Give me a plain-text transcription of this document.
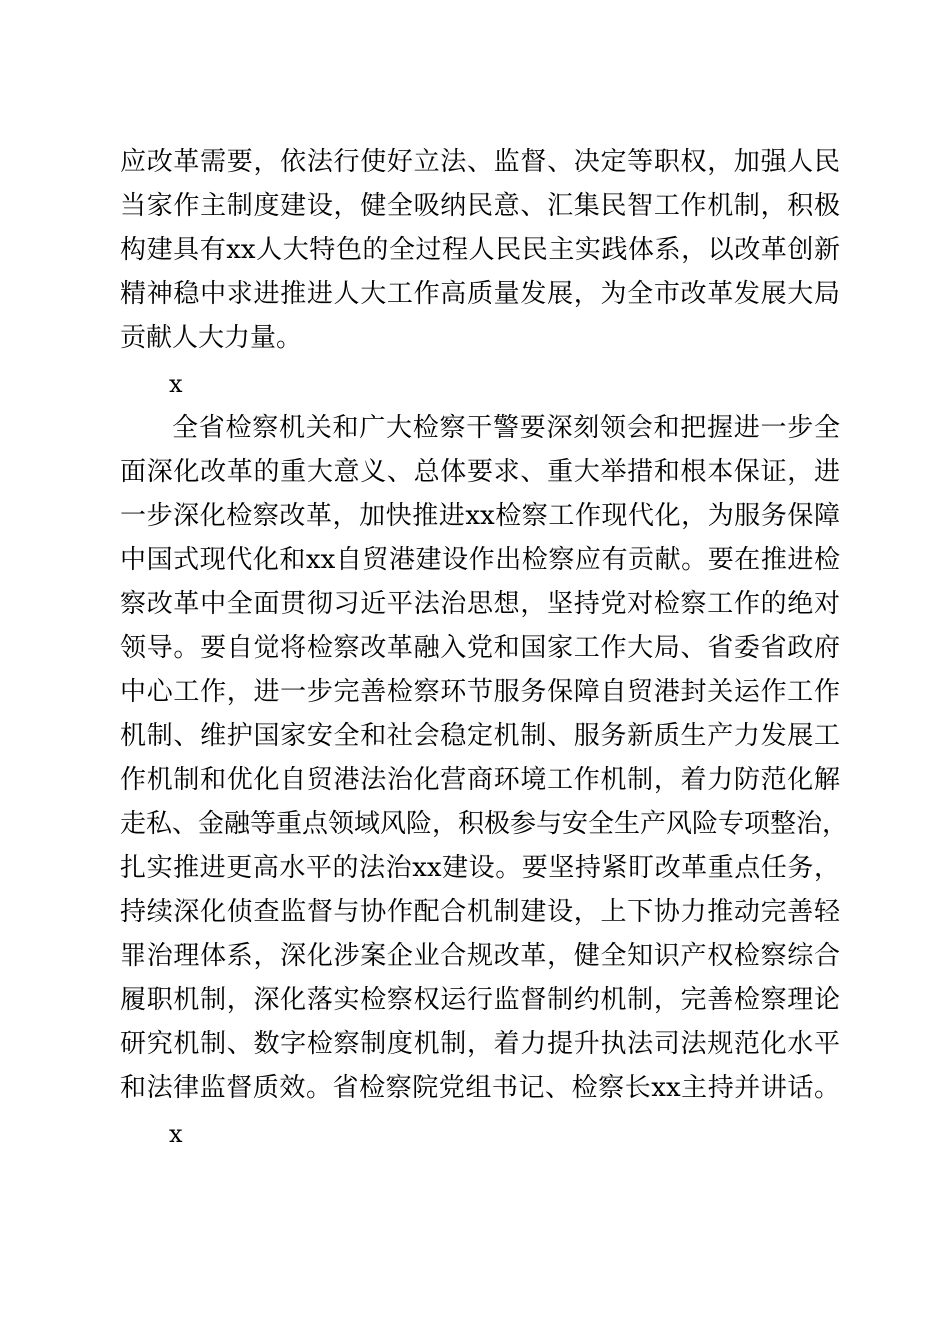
应改革需要，依法行使好立法、监督、决定等职权，加强人民
当家作主制度建设，健全吸纳民意、汇集民智工作机制，积极
构建具有xx人大特色的全过程人民民主实践体系，以改革创新
精神稳中求进推进人大工作高质量发展，为全市改革发展大局
贡献人大力量。
x
全省检察机关和广大检察干警要深刻领会和把握进一步全
面深化改革的重大意义、总体要求、重大举措和根本保证，进
一步深化检察改革，加快推进xx检察工作现代化，为服务保障
中国式现代化和xx自贸港建设作出检察应有贡献。要在推进检
察改革中全面贯彻习近平法治思想，坚持党对检察工作的绝对
领导。要自觉将检察改革融入党和国家工作大局、省委省政府
中心工作，进一步完善检察环节服务保障自贸港封关运作工作
机制、维护国家安全和社会稳定机制、服务新质生产力发展工
作机制和优化自贸港法治化营商环境工作机制，着力防范化解
走私、金融等重点领域风险，积极参与安全生产风险专项整治，
扎实推进更高水平的法治xx建设。要坚持紧盯改革重点任务，
持续深化侦查监督与协作配合机制建设，上下协力推动完善轻
罪治理体系，深化涉案企业合规改革，健全知识产权检察综合
履职机制，深化落实检察权运行监督制约机制，完善检察理论
研究机制、数字检察制度机制，着力提升执法司法规范化水平
和法律监督质效。省检察院党组书记、检察长xx主持并讲话。
x
